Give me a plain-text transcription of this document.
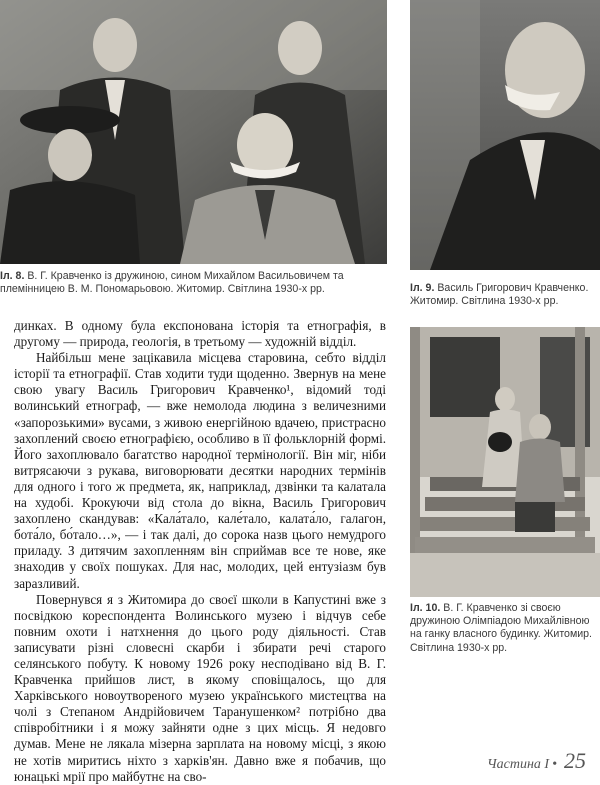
Іл. 8. В. Г. Кравченко із дружиною, сином Михайлом Васильовичем та племінницею В. М. Пономарьовою. Житомир. Світлина 1930-х рр.	Іл. 9. Василь Григорович Кравченко. Житомир. Світлина 1930-х рр.
Іл. 10. В. Г. Кравченко зі своєю дружиною Олімпіадою Михайлівною на ганку власного будинку. Житомир. Світлина 1930-х рр.

динках. В одному була експонована історія та етнографія, в другому — природа, геологія, в третьому — художній відділ.

Найбільш мене зацікавила місцева старовина, себто відділ історії та етнографії. Став ходити туди щоденно. Звернув на мене свою увагу Василь Григорович Кравченко¹, відомий тоді волинський етнограф, — вже немолода людина з величезними «запорозькими» вусами, з живою енергійною вдачею, пристрасно захоплений своєю етнографією, особливо в її фольклорній формі. Його захоплювало багатство народної термінології. Він міг, ніби витрясаючи з рукава, виговорювати десятки народних термінів для одного і того ж предмета, як, наприклад, дзвінки та калатала на худобі. Крокуючи від стола до вікна, Василь Григорович захоплено скандував: «Кала́тало, кале́тало, калата́ло, галагон, бота́ло, бо́тало…», — і так далі, до сорока назв цього немудрого приладу. З дитячим захопленням він сприймав все те нове, яке знаходив у своїх пошуках. Для нас, молодих, цей ентузіазм був заразливий.

Повернувся я з Житомира до своєї школи в Капустині вже з посвідкою кореспондента Волинського музею і відчув себе повним охоти і натхнення до цього роду діяльності. Став записувати різні словесні скарби і збирати речі старого селянського побуту. К новому 1926 року несподівано від В. Г. Кравченка прийшов лист, в якому сповіщалось, що для Харківського новоутвореного музею українського мистецтва на чолі з Степаном Андрійовичем Таранушенком² потрібно два співробітники і я можу зайняти одне з цих місць. Я недовго думав. Мене не лякала мізерна зарплата на новому місці, з якою не хотів миритись ніхто з харків'ян. Давно вже я побачив, що юнацькі мрії про майбутнє на сво-

Частина I • 25
